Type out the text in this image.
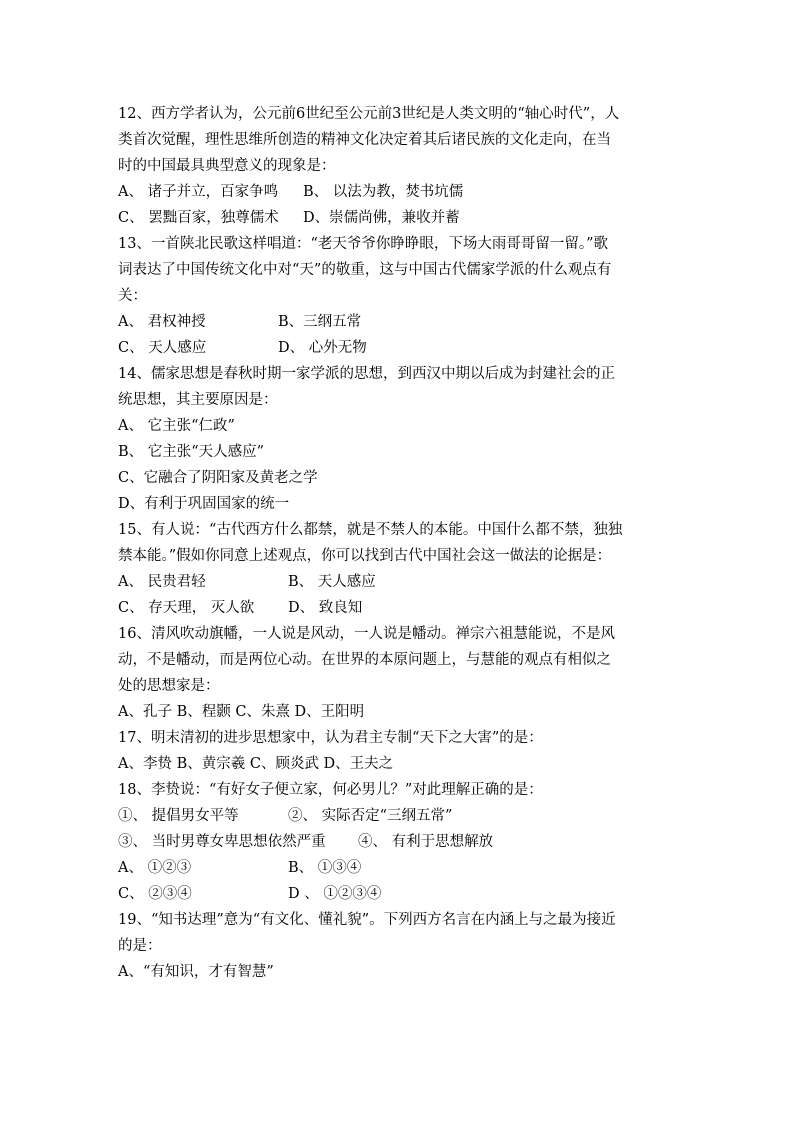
12、西方学者认为，公元前6世纪至公元前3世纪是人类文明的“轴心时代”，人
类首次觉醒，理性思维所创造的精神文化决定着其后诸民族的文化走向，在当
时的中国最具典型意义的现象是：
A、 诸子并立，百家争鸣	B、 以法为教，焚书坑儒
C、 罢黜百家，独尊儒术	D、崇儒尚佛，兼收并蓄
13、一首陕北民歌这样唱道：“老天爷爷你睁睁眼，下场大雨哥哥留一留。”歌
词表达了中国传统文化中对“天”的敬重，这与中国古代儒家学派的什么观点有
关：
A、 君权神授	B、三纲五常
C、 天人感应	D、 心外无物
14、儒家思想是春秋时期一家学派的思想，到西汉中期以后成为封建社会的正
统思想，其主要原因是：
A、 它主张“仁政”
B、 它主张“天人感应”
C、它融合了阴阳家及黄老之学
D、有利于巩固国家的统一
15、有人说：“古代西方什么都禁，就是不禁人的本能。中国什么都不禁，独独
禁本能。”假如你同意上述观点，你可以找到古代中国社会这一做法的论据是：
A、 民贵君轻	B、 天人感应
C、 存天理， 灭人欲	D、 致良知
16、清风吹动旗幡，一人说是风动，一人说是幡动。禅宗六祖慧能说，不是风
动，不是幡动，而是两位心动。在世界的本原问题上，与慧能的观点有相似之
处的思想家是：
A、孔子 B、程颢 C、朱熹 D、王阳明
17、明末清初的进步思想家中，认为君主专制“天下之大害”的是：
A、李贽 B、黄宗羲 C、顾炎武 D、王夫之
18、李贽说：“有好女子便立家，何必男儿？”对此理解正确的是：
①、 提倡男女平等	②、 实际否定“三纲五常”
③、 当时男尊女卑思想依然严重	④、 有利于思想解放
A、 ①②③	B、 ①③④
C、 ②③④	D 、 ①②③④
19、“知书达理”意为“有文化、懂礼貌”。下列西方名言在内涵上与之最为接近
的是：
A、“有知识，才有智慧”
